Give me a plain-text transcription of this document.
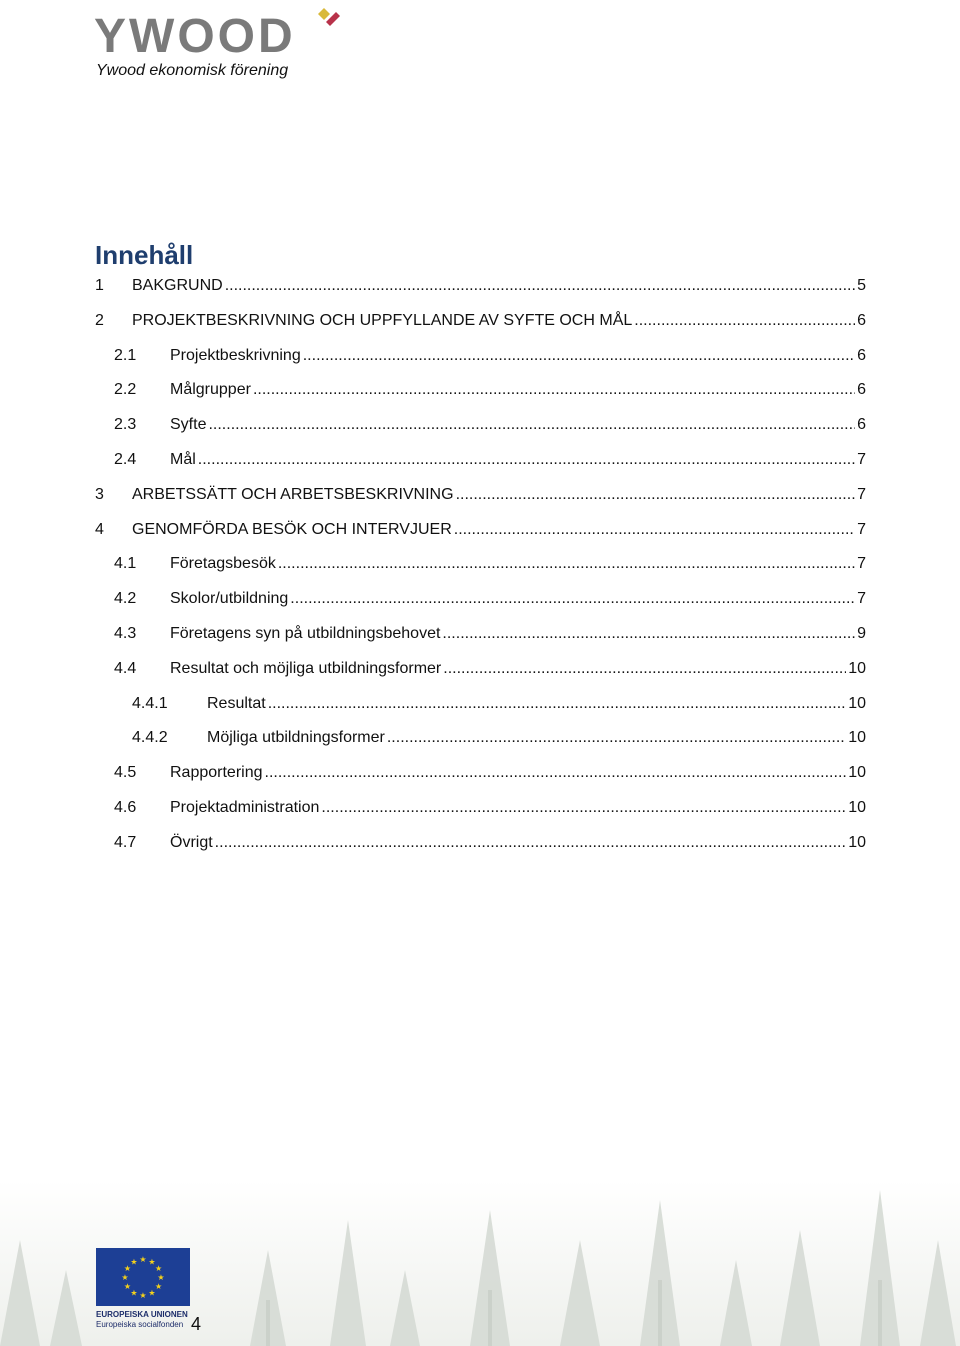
YWOOD
Ywood ekonomisk förening
Innehåll
1	BAKGRUND .....	5
2	PROJEKTBESKRIVNING OCH UPPFYLLANDE AV SYFTE OCH MÅL .....	6
2.1	Projektbeskrivning .....	6
2.2	Målgrupper .....	6
2.3	Syfte .....	6
2.4	Mål .....	7
3	ARBETSSÄTT OCH ARBETSBESKRIVNING .....	7
4	GENOMFÖRDA BESÖK OCH INTERVJUER .....	7
4.1	Företagsbesök .....	7
4.2	Skolor/utbildning .....	7
4.3	Företagens syn på utbildningsbehovet .....	9
4.4	Resultat och möjliga utbildningsformer .....	10
4.4.1	Resultat .....	10
4.4.2	Möjliga utbildningsformer .....	10
4.5	Rapportering .....	10
4.6	Projektadministration .....	10
4.7	Övrigt .....	10
★ ★
★
★
★
★
★
★
★
★
★
★
EUROPEISKA UNIONEN
Europeiska socialfonden 4
